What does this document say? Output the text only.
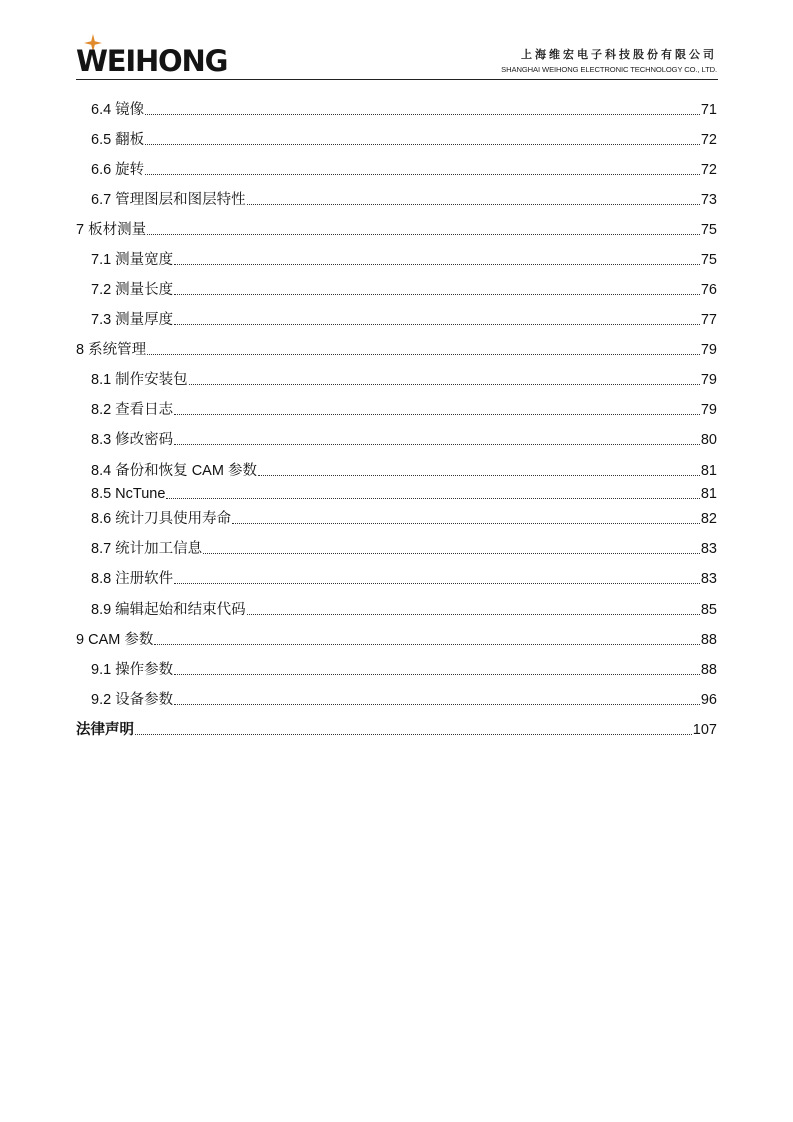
WEIHONG	上海维宏电子科技股份有限公司
SHANGHAI WEIHONG ELECTRONIC TECHNOLOGY CO., LTD.
6.4 镜像	71
6.5 翻板	72
6.6 旋转	72
6.7 管理图层和图层特性	73
7 板材测量	75
7.1 测量宽度	75
7.2 测量长度	76
7.3 测量厚度	77
8 系统管理	79
8.1 制作安装包	79
8.2 查看日志	79
8.3 修改密码	80
8.4 备份和恢复 CAM 参数	81
8.5 NcTune	81
8.6 统计刀具使用寿命	82
8.7 统计加工信息	83
8.8 注册软件	83
8.9 编辑起始和结束代码	85
9 CAM 参数	88
9.1 操作参数	88
9.2 设备参数	96
法律声明	107
